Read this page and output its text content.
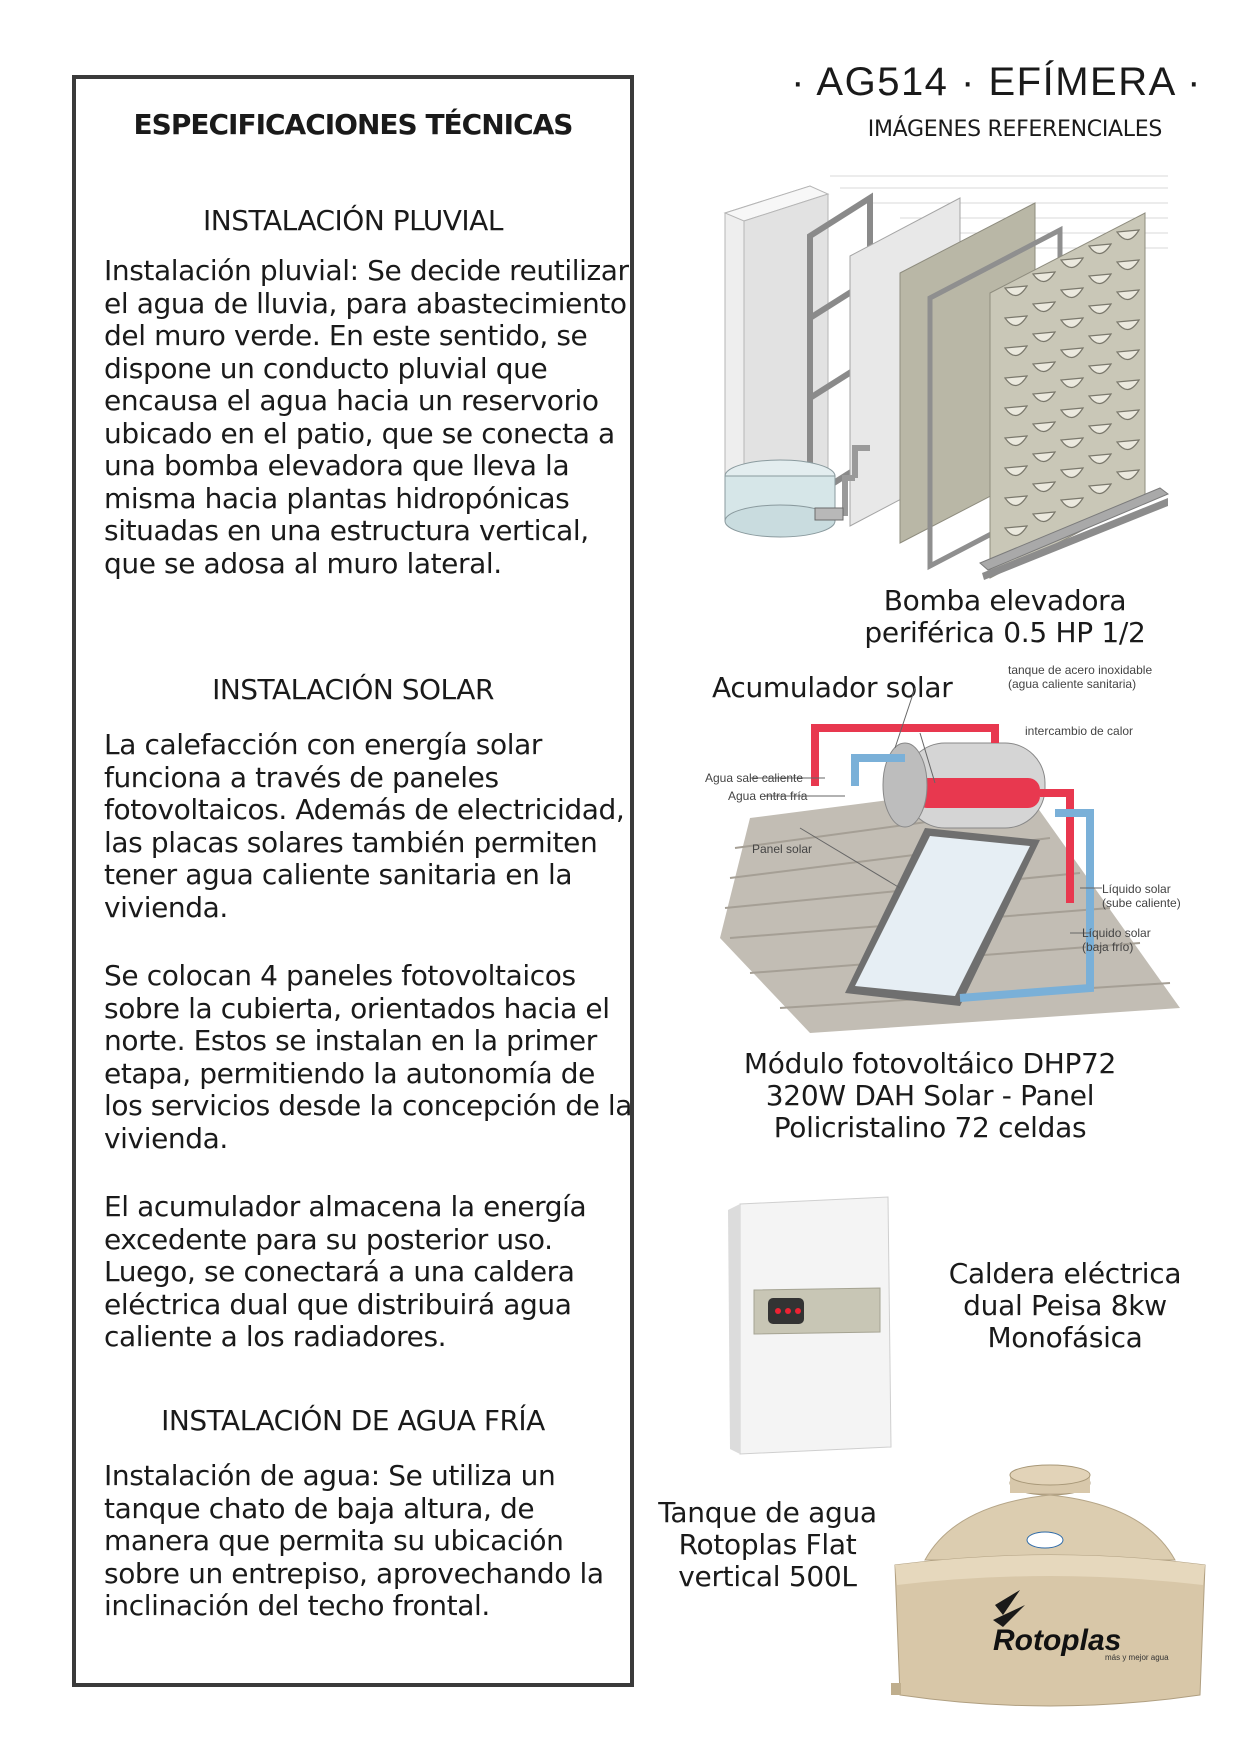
ESPECIFICACIONES TÉCNICAS
INSTALACIÓN PLUVIAL

Instalación pluvial: Se decide reutilizar el agua de lluvia, para abastecimiento del muro verde. En este sentido, se dispone un conducto pluvial que encausa el agua hacia un reservorio ubicado en el patio, que se conecta a una bomba elevadora que lleva la misma hacia plantas hidropónicas situadas en una estructura vertical, que se adosa al muro lateral.

INSTALACIÓN SOLAR

La calefacción con energía solar funciona a través de paneles fotovoltaicos. Además de electricidad, las placas solares también permiten tener agua caliente sanitaria en la vivienda.

Se colocan 4 paneles fotovoltaicos sobre la cubierta, orientados hacia el norte. Estos se instalan en la primer etapa, permitiendo la autonomía de los servicios desde la concepción de la vivienda.

El acumulador almacena la energía excedente para su posterior uso. Luego, se conectará a una caldera eléctrica dual que distribuirá agua caliente a los radiadores.

INSTALACIÓN DE AGUA FRÍA

Instalación de agua: Se utiliza un tanque chato de baja altura, de manera que permita su ubicación sobre un entrepiso, aprovechando la inclinación del techo frontal.

· AG514 · EFÍMERA ·
IMÁGENES REFERENCIALES
Bomba elevadora
periférica 0.5 HP 1/2
Acumulador solar
tanque de acero inoxidable
(agua caliente sanitaria)
intercambio de calor
Agua sale caliente
Agua entra fría
Panel solar
Líquido solar
(sube caliente)
Líquido solar
(baja frío)
Módulo fotovoltáico DHP72
320W DAH Solar - Panel
Policristalino 72 celdas
Caldera eléctrica
dual Peisa 8kw
Monofásica
Tanque de agua
Rotoplas Flat
vertical 500L
Rotoplas
más y mejor agua
